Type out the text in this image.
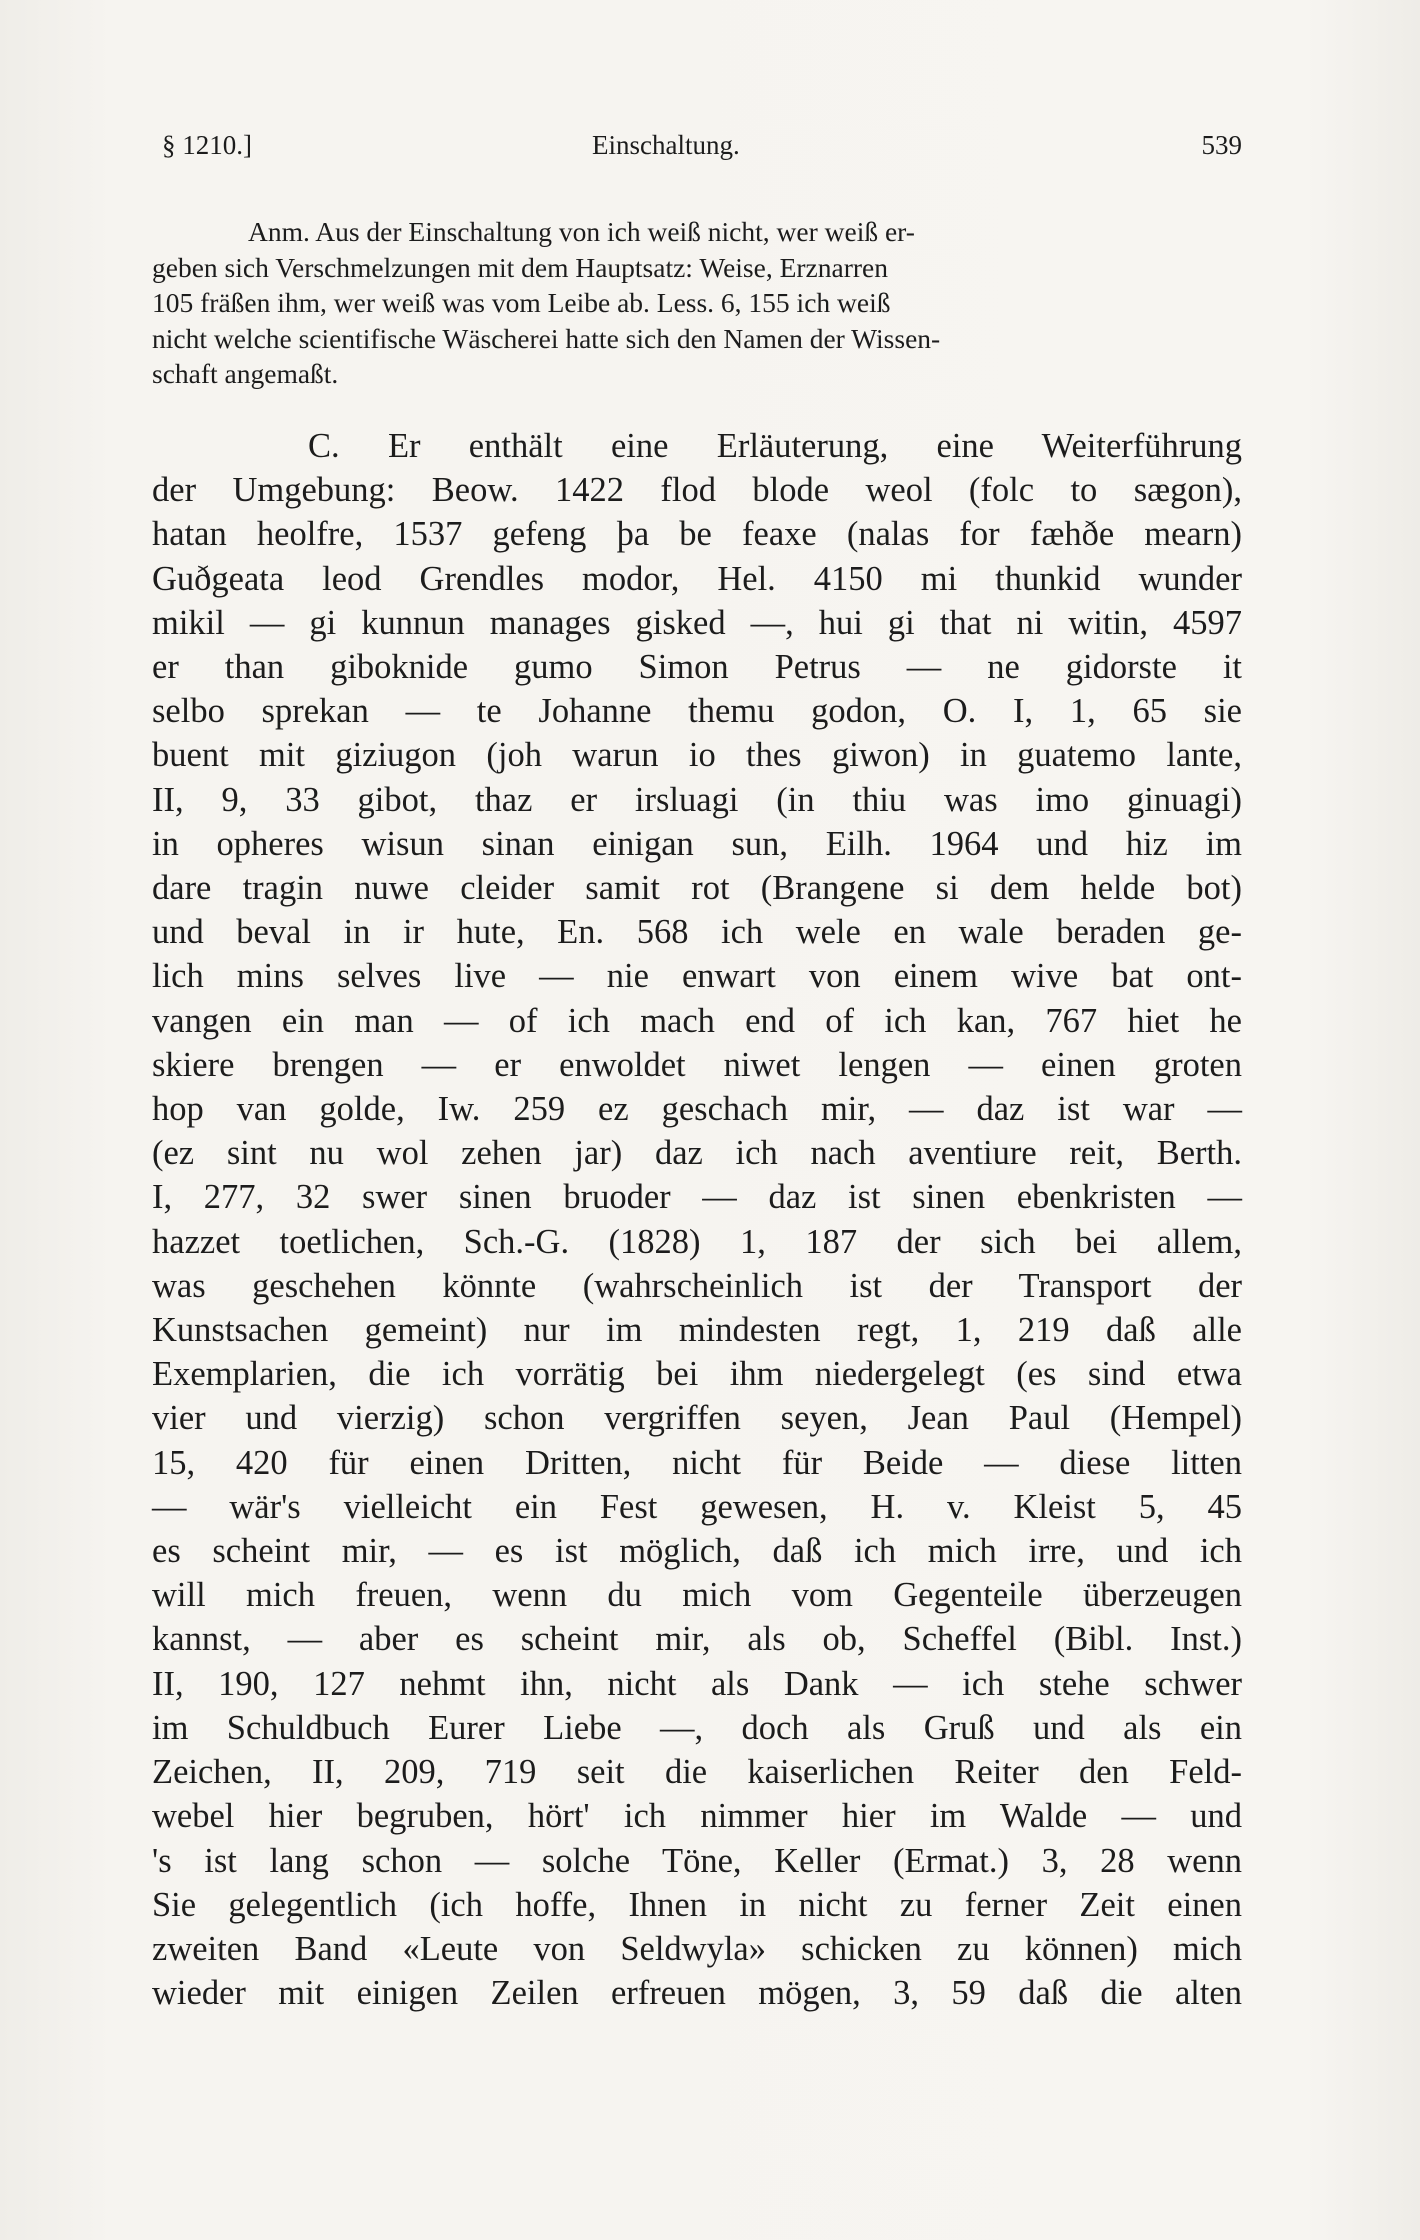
§ 1210.]	Einschaltung.	539
Anm. Aus der Einschaltung von ich weiß nicht, wer weiß er-
geben sich Verschmelzungen mit dem Hauptsatz: Weise, Erznarren
105 fräßen ihm, wer weiß was vom Leibe ab. Less. 6, 155 ich weiß
nicht welche scientifische Wäscherei hatte sich den Namen der Wissen-
schaft angemaßt.
C. Er enthält eine Erläuterung, eine Weiterführung
der Umgebung: Beow. 1422 flod blode weol (folc to sægon),
hatan heolfre, 1537 gefeng þa be feaxe (nalas for fæhðe mearn)
Guðgeata leod Grendles modor, Hel. 4150 mi thunkid wunder
mikil — gi kunnun manages gisked —, hui gi that ni witin, 4597
er than giboknide gumo Simon Petrus — ne gidorste it
selbo sprekan — te Johanne themu godon, O. I, 1, 65 sie
buent mit giziugon (joh warun io thes giwon) in guatemo lante,
II, 9, 33 gibot, thaz er irsluagi (in thiu was imo ginuagi)
in opheres wisun sinan einigan sun, Eilh. 1964 und hiz im
dare tragin nuwe cleider samit rot (Brangene si dem helde bot)
und beval in ir hute, En. 568 ich wele en wale beraden ge-
lich mins selves live — nie enwart von einem wive bat ont-
vangen ein man — of ich mach end of ich kan, 767 hiet he
skiere brengen — er enwoldet niwet lengen — einen groten
hop van golde, Iw. 259 ez geschach mir, — daz ist war —
(ez sint nu wol zehen jar) daz ich nach aventiure reit, Berth.
I, 277, 32 swer sinen bruoder — daz ist sinen ebenkristen —
hazzet toetlichen, Sch.-G. (1828) 1, 187 der sich bei allem,
was geschehen könnte (wahrscheinlich ist der Transport der
Kunstsachen gemeint) nur im mindesten regt, 1, 219 daß alle
Exemplarien, die ich vorrätig bei ihm niedergelegt (es sind etwa
vier und vierzig) schon vergriffen seyen, Jean Paul (Hempel)
15, 420 für einen Dritten, nicht für Beide — diese litten
— wär's vielleicht ein Fest gewesen, H. v. Kleist 5, 45
es scheint mir, — es ist möglich, daß ich mich irre, und ich
will mich freuen, wenn du mich vom Gegenteile überzeugen
kannst, — aber es scheint mir, als ob, Scheffel (Bibl. Inst.)
II, 190, 127 nehmt ihn, nicht als Dank — ich stehe schwer
im Schuldbuch Eurer Liebe —, doch als Gruß und als ein
Zeichen, II, 209, 719 seit die kaiserlichen Reiter den Feld-
webel hier begruben, hört' ich nimmer hier im Walde — und
's ist lang schon — solche Töne, Keller (Ermat.) 3, 28 wenn
Sie gelegentlich (ich hoffe, Ihnen in nicht zu ferner Zeit einen
zweiten Band «Leute von Seldwyla» schicken zu können) mich
wieder mit einigen Zeilen erfreuen mögen, 3, 59 daß die alten
